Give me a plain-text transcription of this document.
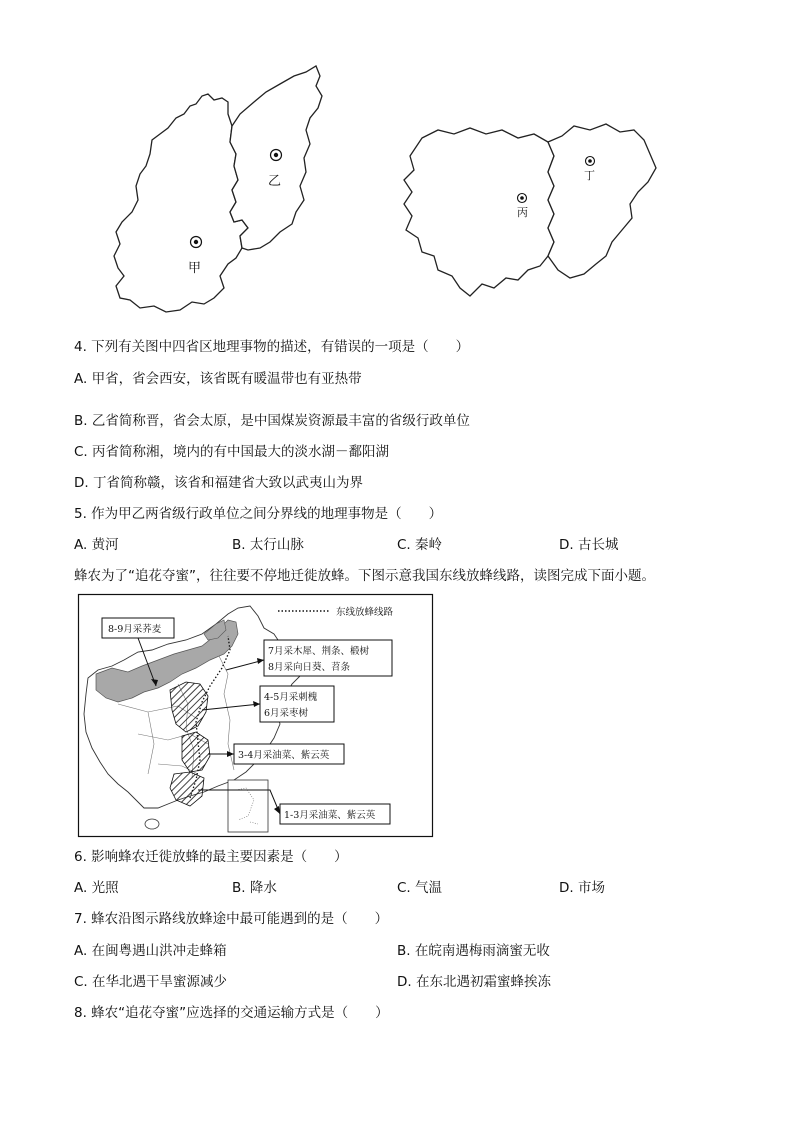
乙
甲
丙
丁
4. 下列有关图中四省区地理事物的描述，有错误的一项是（　　）
A. 甲省，省会西安，该省既有暖温带也有亚热带
B. 乙省简称晋，省会太原，是中国煤炭资源最丰富的省级行政单位
C. 丙省简称湘，境内的有中国最大的淡水湖－鄱阳湖
D. 丁省简称赣，该省和福建省大致以武夷山为界
5. 作为甲乙两省级行政单位之间分界线的地理事物是（　　）
A. 黄河	B. 太行山脉	C. 秦岭	D. 古长城
蜂农为了“追花夺蜜”，往往要不停地迁徙放蜂。下图示意我国东线放蜂线路，读图完成下面小题。
东线放蜂线路
8-9月采荞麦
7月采木犀、荆条、椴树
8月采向日葵、苕条
4-5月采刺槐
6月采枣树
3-4月采油菜、紫云英
1-3月采油菜、紫云英
6. 影响蜂农迁徙放蜂的最主要因素是（　　）
A. 光照	B. 降水	C. 气温	D. 市场
7. 蜂农沿图示路线放蜂途中最可能遇到的是（　　）
A. 在闽粤遇山洪冲走蜂箱	B. 在皖南遇梅雨滴蜜无收
C. 在华北遇干旱蜜源减少	D. 在东北遇初霜蜜蜂挨冻
8. 蜂农“追花夺蜜”应选择的交通运输方式是（　　）
